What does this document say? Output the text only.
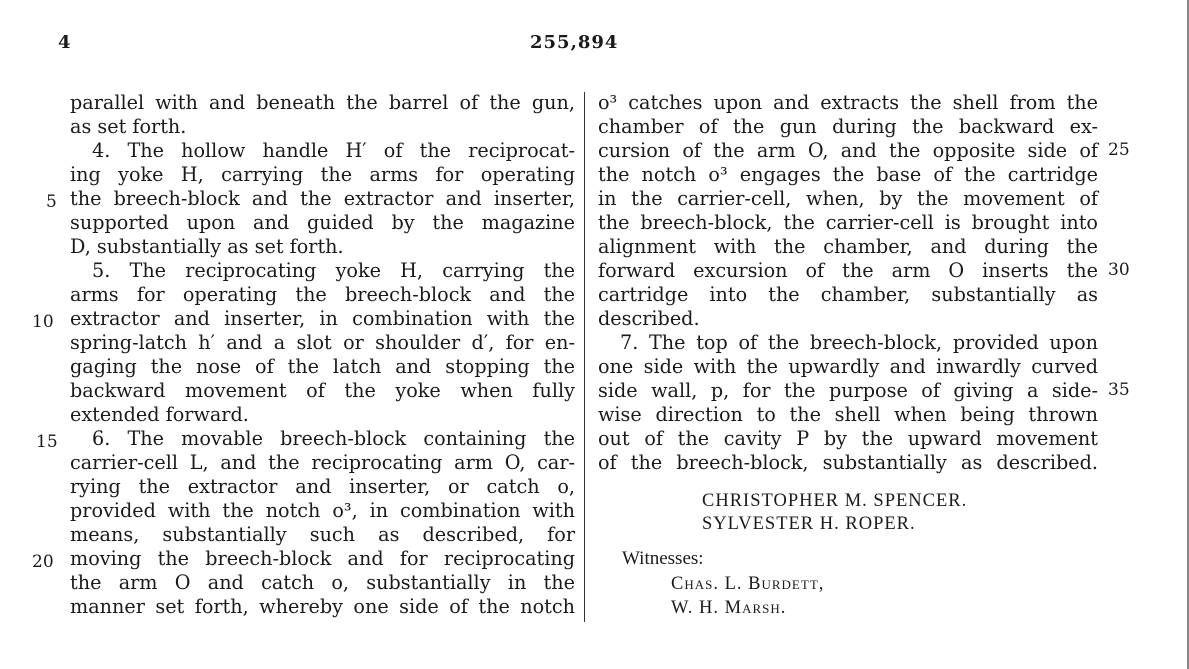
4	255,894
parallel with and beneath the barrel of the gun,
as set forth.
4. The hollow handle H′ of the reciprocat-
ing yoke H, carrying the arms for operating
the breech-block and the extractor and inserter,
supported upon and guided by the magazine
D, substantially as set forth.
5. The reciprocating yoke H, carrying the
arms for operating the breech-block and the
extractor and inserter, in combination with the
spring-latch h′ and a slot or shoulder d′, for en-
gaging the nose of the latch and stopping the
backward movement of the yoke when fully
extended forward.
6. The movable breech-block containing the
carrier-cell L, and the reciprocating arm O, car-
rying the extractor and inserter, or catch o,
provided with the notch o³, in combination with
means, substantially such as described, for
moving the breech-block and for reciprocating
the arm O and catch o, substantially in the
manner set forth, whereby one side of the notch
o³ catches upon and extracts the shell from the
chamber of the gun during the backward ex-
cursion of the arm O, and the opposite side of
the notch o³ engages the base of the cartridge
in the carrier-cell, when, by the movement of
the breech-block, the carrier-cell is brought into
alignment with the chamber, and during the
forward excursion of the arm O inserts the
cartridge into the chamber, substantially as
described.
7. The top of the breech-block, provided upon
one side with the upwardly and inwardly curved
side wall, p, for the purpose of giving a side-
wise direction to the shell when being thrown
out of the cavity P by the upward movement
of the breech-block, substantially as described.
5
10
15
20
25
30
35
CHRISTOPHER M. SPENCER.
SYLVESTER H. ROPER.
Witnesses:
Chas. L. Burdett,
W. H. Marsh.
